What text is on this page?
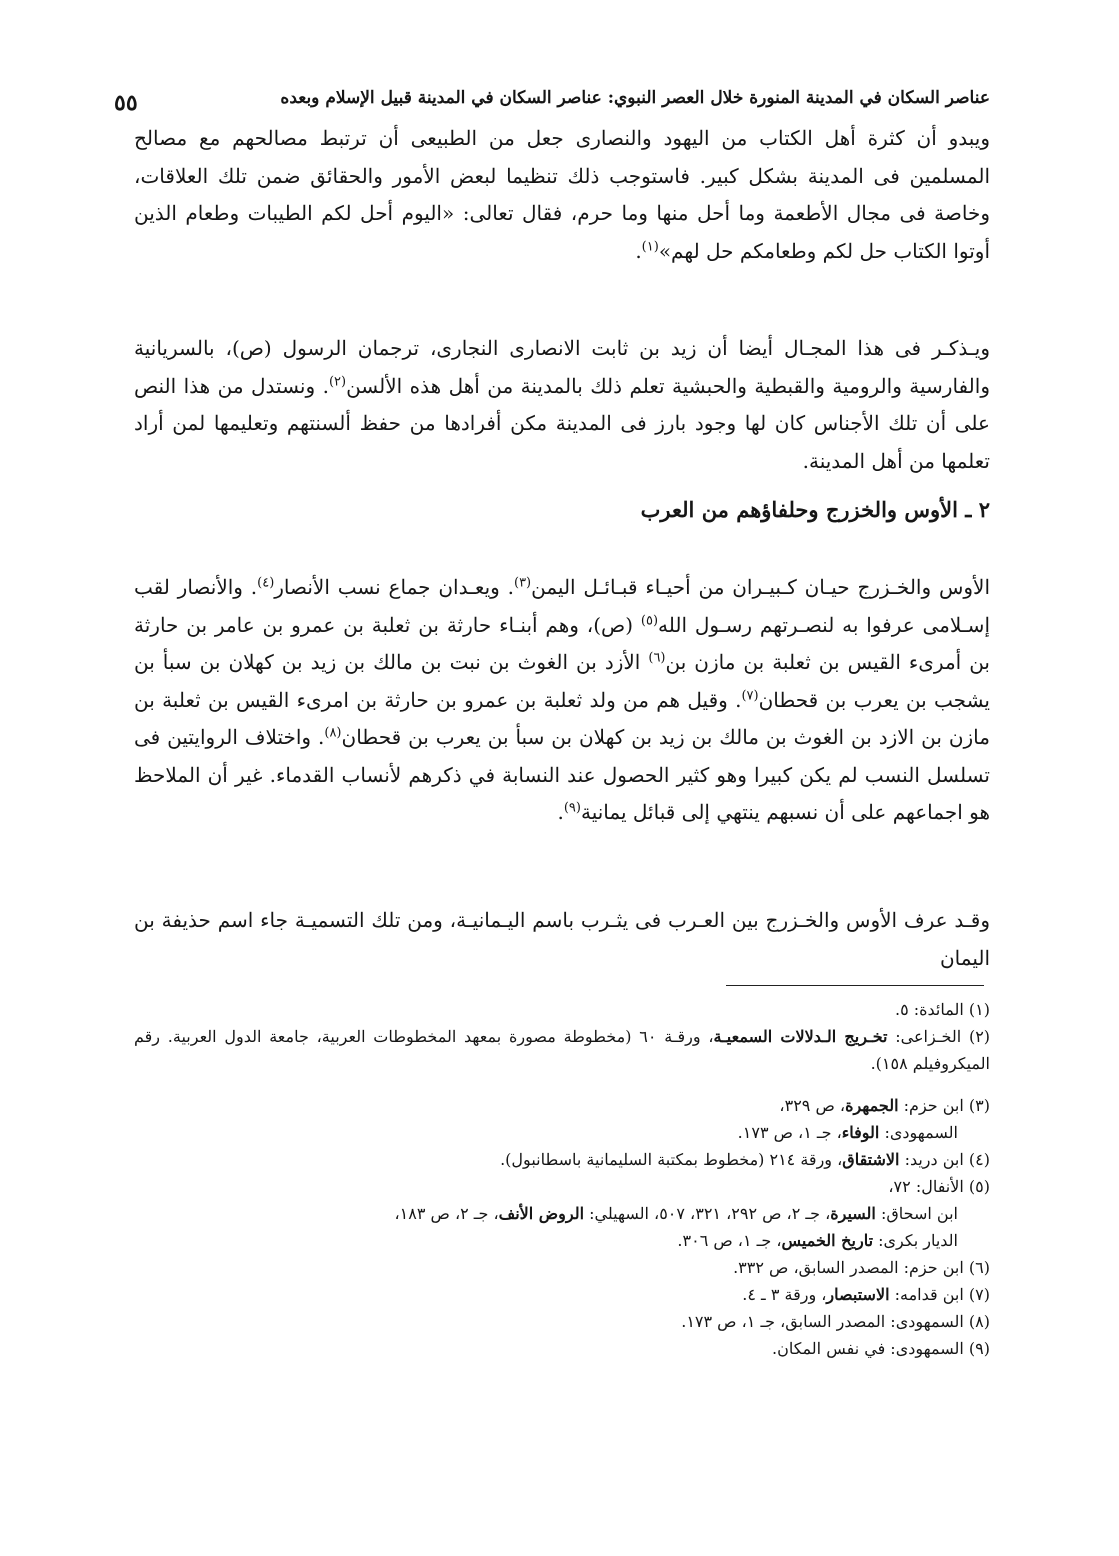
عناصر السكان في المدينة المنورة خلال العصر النبوي: عناصر السكان في المدينة قبيل الإسلام وبعده
٥٥

ويبدو أن كثرة أهل الكتاب من اليهود والنصارى جعل من الطبيعى أن ترتبط مصالحهم مع مصالح المسلمين فى المدينة بشكل كبير. فاستوجب ذلك تنظيما لبعض الأمور والحقائق ضمن تلك العلاقات، وخاصة فى مجال الأطعمة وما أحل منها وما حرم، فقال تعالى: «اليوم أحل لكم الطيبات وطعام الذين أوتوا الكتاب حل لكم وطعامكم حل لهم»$^{(١)}$.

ويـذكـر فى هذا المجـال أيضا أن زيد بن ثابت الانصارى النجارى، ترجمان الرسول (ص)، بالسريانية والفارسية والرومية والقبطية والحبشية تعلم ذلك بالمدينة من أهل هذه الألسن$^{(٢)}$. ونستدل من هذا النص على أن تلك الأجناس كان لها وجود بارز فى المدينة مكن أفرادها من حفظ ألسنتهم وتعليمها لمن أراد تعلمها من أهل المدينة.

٢ ـ الأوس والخزرج وحلفاؤهم من العرب

الأوس والخـزرج حيـان كـبيـران من أحيـاء قبـائـل اليمن$^{(٣)}$. ويعـدان جماع نسب الأنصار$^{(٤)}$. والأنصار لقب إسـلامى عرفوا به لنصـرتهم رسـول الله$^{(٥)}$ (ص)، وهم أبنـاء حارثة بن ثعلبة بن عمرو بن عامر بن حارثة بن أمرىء القيس بن ثعلبة بن مازن بن$^{(٦)}$ الأزد بن الغوث بن نبت بن مالك بن زيد بن كهلان بن سبأ بن يشجب بن يعرب بن قحطان$^{(٧)}$. وقيل هم من ولد ثعلبة بن عمرو بن حارثة بن امرىء القيس بن ثعلبة بن مازن بن الازد بن الغوث بن مالك بن زيد بن كهلان بن سبأ بن يعرب بن قحطان$^{(٨)}$. واختلاف الروايتين فى تسلسل النسب لم يكن كبيرا وهو كثير الحصول عند النسابة في ذكرهم لأنساب القدماء. غير أن الملاحظ هو اجماعهم على أن نسبهم ينتهي إلى قبائل يمانية$^{(٩)}$.

وقـد عرف الأوس والخـزرج بين العـرب فى يثـرب باسم اليـمانيـة، ومن تلك التسميـة جاء اسم حذيفة بن اليمان

(١) المائدة: ٥.
(٢) الخـزاعى: تخـريج الـدلالات السمعيـة، ورقـة ٦٠ (مخطوطة مصورة بمعهد المخطوطات العربية، جامعة الدول العربية. رقم الميكروفيلم ١٥٨).
(٣) ابن حزم: الجمهرة، ص ٣٢٩،
السمهودى: الوفاء، جـ ١، ص ١٧٣.
(٤) ابن دريد: الاشتقاق، ورقة ٢١٤ (مخطوط بمكتبة السليمانية باسطانبول).
(٥) الأنفال: ٧٢،
ابن اسحاق: السيرة، جـ ٢، ص ٢٩٢، ٣٢١، ٥٠٧، السهيلي: الروض الأنف، جـ ٢، ص ١٨٣،
الديار بكرى: تاريخ الخميس، جـ ١، ص ٣٠٦.
(٦) ابن حزم: المصدر السابق، ص ٣٣٢.
(٧) ابن قدامه: الاستبصار، ورقة ٣ ـ ٤.
(٨) السمهودى: المصدر السابق، جـ ١، ص ١٧٣.
(٩) السمهودى: في نفس المكان.
